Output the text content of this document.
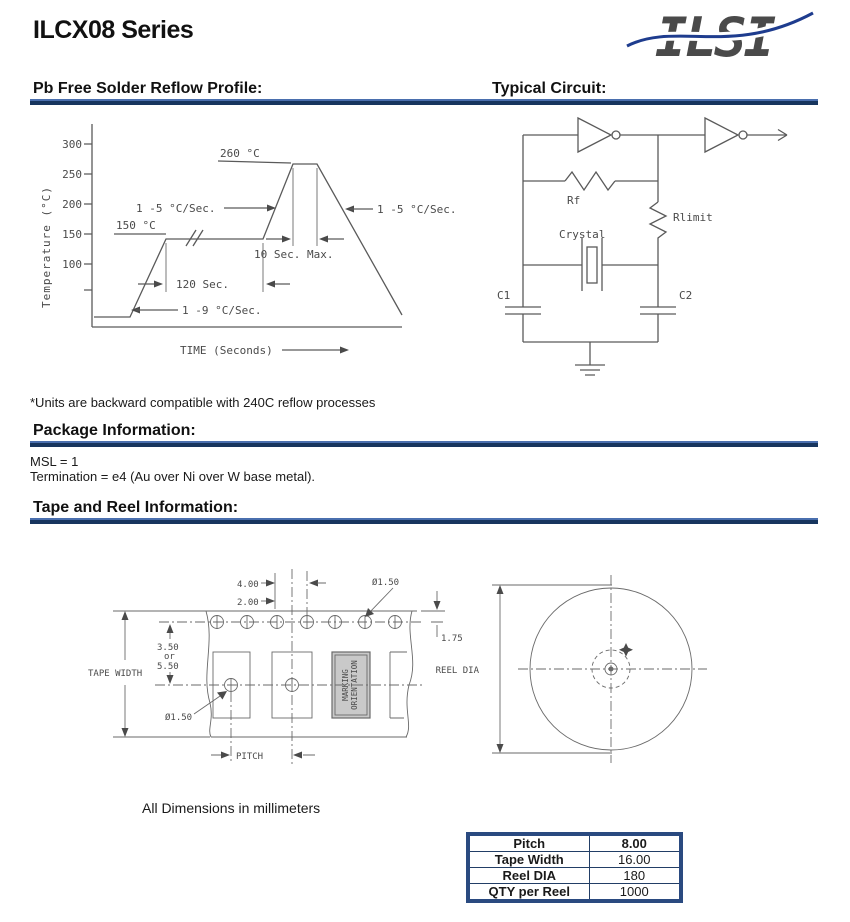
ILCX08 Series	ILSI
Pb Free Solder Reflow Profile:	Typical Circuit:
300
250
200
150
100
Temperature (°C)	150 °C
1 -5 °C/Sec.
260 °C
10 Sec. Max.
120 Sec.
1 -9 °C/Sec.
1 -5 °C/Sec.
TIME (Seconds)
Rf
Rlimit
Crystal
C1	C2
*Units are backward compatible with 240C reflow processes
Package Information:
MSL = 1
Termination = e4 (Au over Ni over W base metal).
Tape and Reel Information:
MARKING ORIENTATION
4.00
2.00
Ø1.50
1.75
3.50
or
5.50
TAPE WIDTH
Ø1.50
PITCH
REEL DIA
All Dimensions in millimeters
Pitch	8.00
Tape Width	16.00
Reel DIA	180
QTY per Reel	1000
